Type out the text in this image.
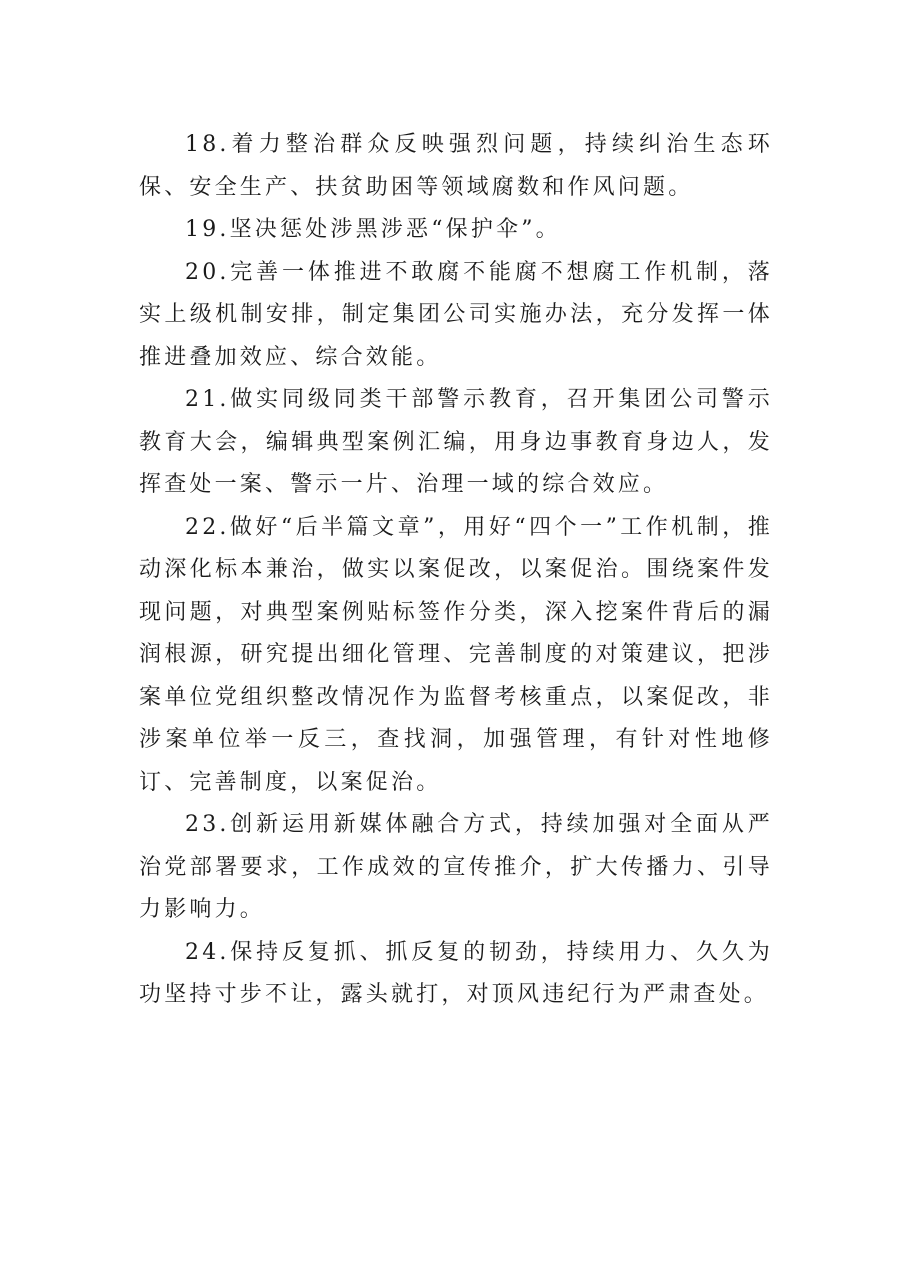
18.着力整治群众反映强烈问题，持续纠治生态环保、安全生产、扶贫助困等领域腐数和作风问题。

19.坚决惩处涉黑涉恶“保护伞”。

20.完善一体推进不敢腐不能腐不想腐工作机制，落实上级机制安排，制定集团公司实施办法，充分发挥一体推进叠加效应、综合效能。

21.做实同级同类干部警示教育，召开集团公司警示教育大会，编辑典型案例汇编，用身边事教育身边人，发挥查处一案、警示一片、治理一域的综合效应。

22.做好“后半篇文章”，用好“四个一”工作机制，推动深化标本兼治，做实以案促改，以案促治。围绕案件发现问题，对典型案例贴标签作分类，深入挖案件背后的漏润根源，研究提出细化管理、完善制度的对策建议，把涉案单位党组织整改情况作为监督考核重点，以案促改，非涉案单位举一反三，查找洞，加强管理，有针对性地修订、完善制度，以案促治。

23.创新运用新媒体融合方式，持续加强对全面从严治党部署要求，工作成效的宣传推介，扩大传播力、引导力影响力。

24.保持反复抓、抓反复的韧劲，持续用力、久久为功坚持寸步不让，露头就打，对顶风违纪行为严肃查处。
